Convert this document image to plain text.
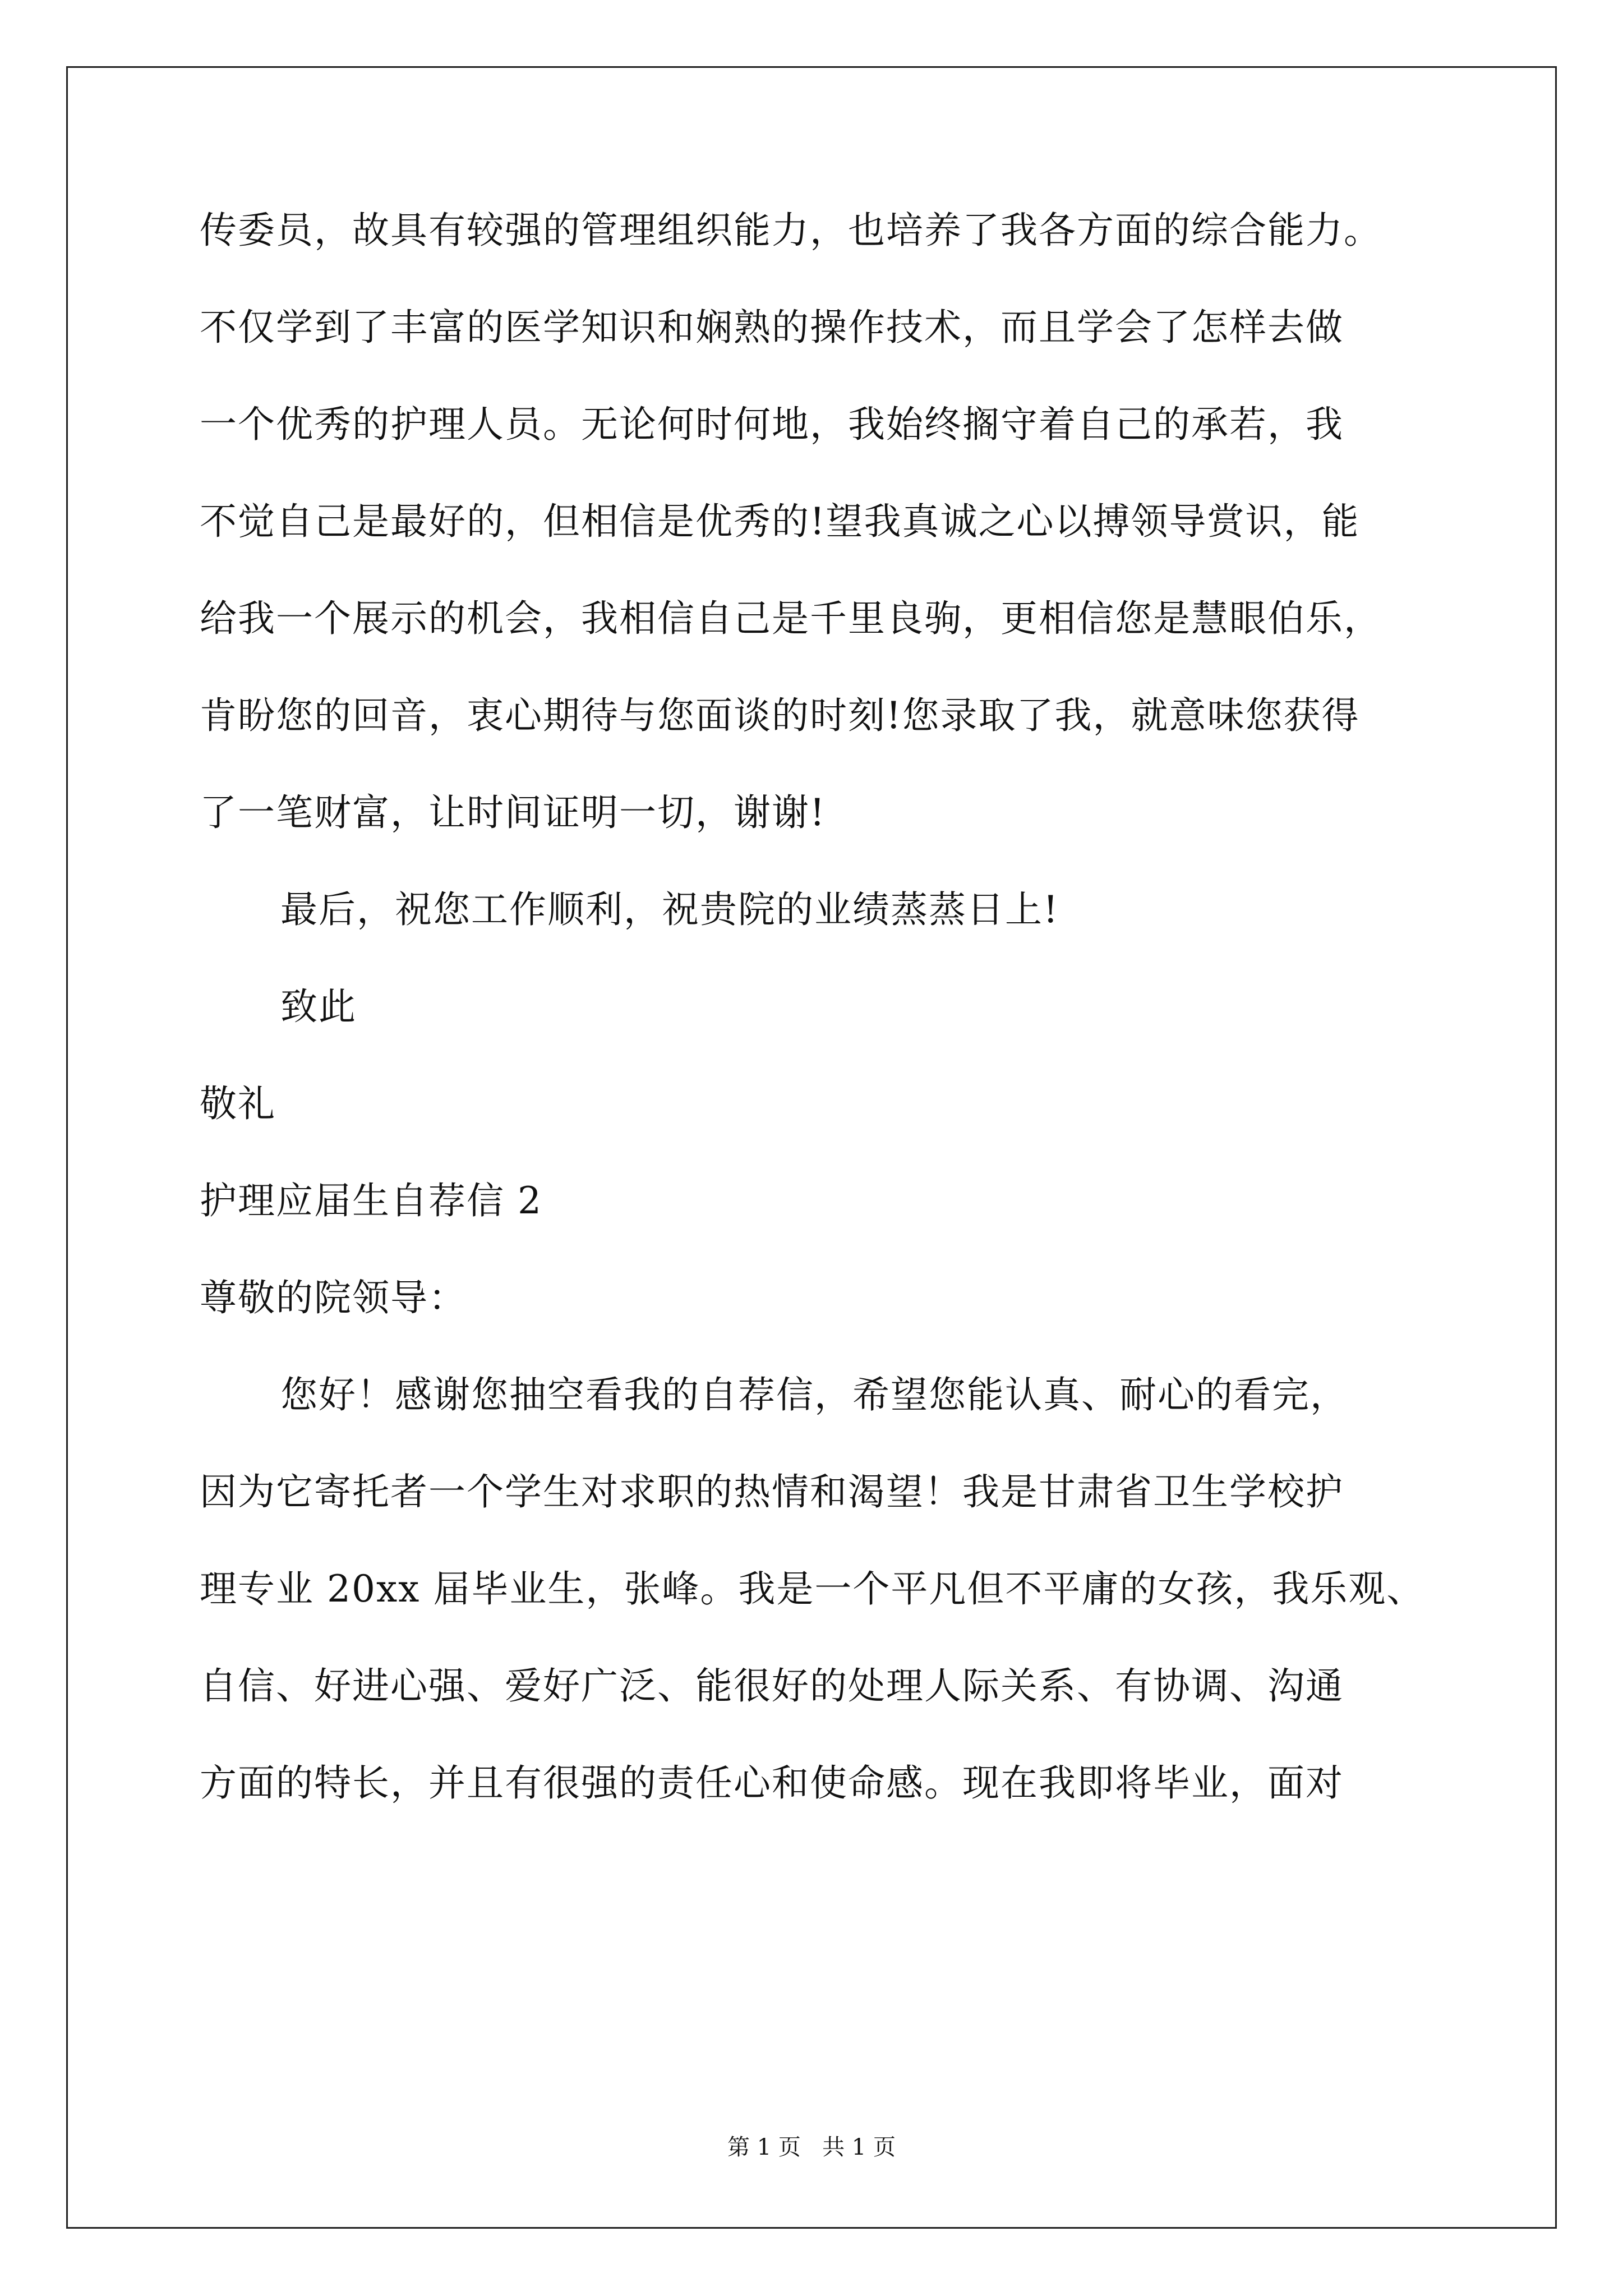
传委员，故具有较强的管理组织能力，也培养了我各方面的综合能力。
不仅学到了丰富的医学知识和娴熟的操作技术，而且学会了怎样去做
一个优秀的护理人员。无论何时何地，我始终搁守着自己的承若，我
不觉自己是最好的，但相信是优秀的!望我真诚之心以搏领导赏识，能
给我一个展示的机会，我相信自己是千里良驹，更相信您是慧眼伯乐，
肯盼您的回音，衷心期待与您面谈的时刻!您录取了我，就意味您获得
了一笔财富，让时间证明一切，谢谢!
最后，祝您工作顺利，祝贵院的业绩蒸蒸日上!
致此
敬礼
护理应届生自荐信 2
尊敬的院领导：
您好！感谢您抽空看我的自荐信，希望您能认真、耐心的看完，
因为它寄托者一个学生对求职的热情和渴望！我是甘肃省卫生学校护
理专业 20xx 届毕业生，张峰。我是一个平凡但不平庸的女孩，我乐观、
自信、好进心强、爱好广泛、能很好的处理人际关系、有协调、沟通
方面的特长，并且有很强的责任心和使命感。现在我即将毕业，面对
第 1 页   共 1 页
